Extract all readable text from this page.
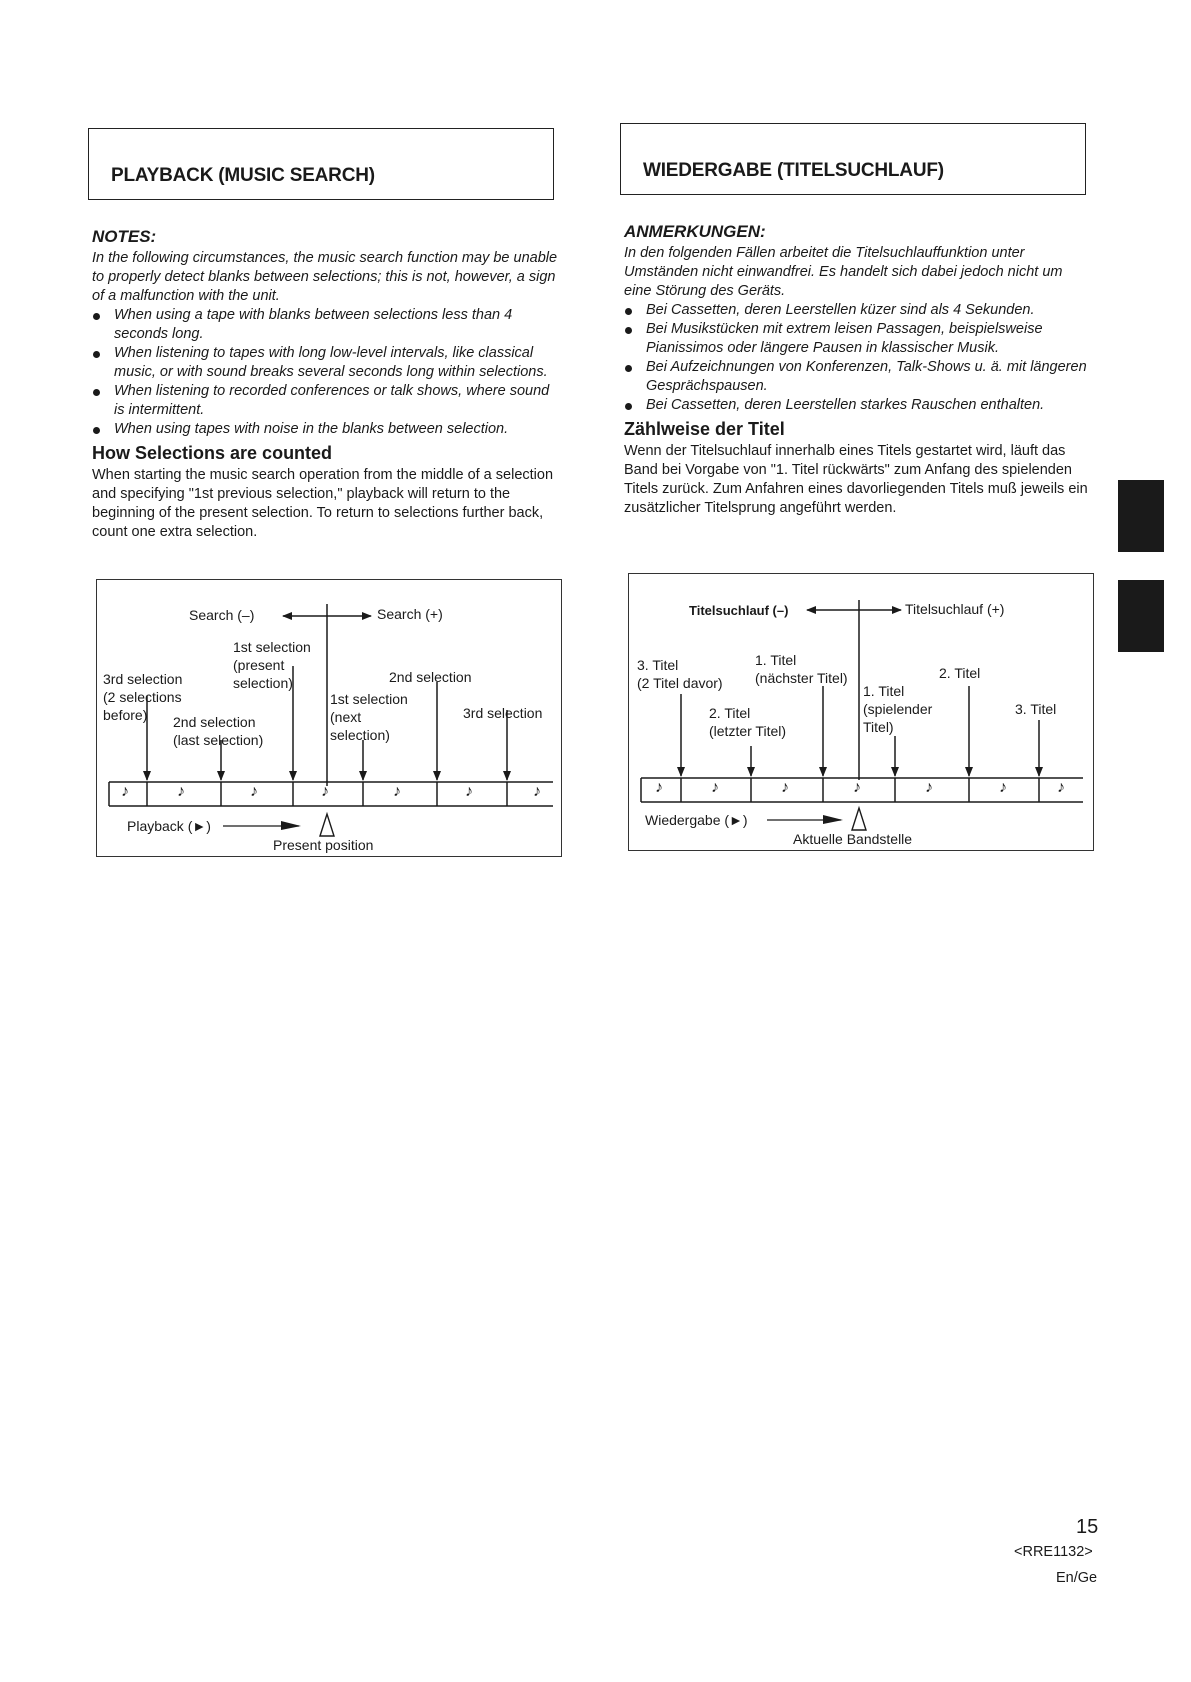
PLAYBACK (MUSIC SEARCH)	WIEDERGABE (TITELSUCHLAUF)
NOTES:

In the following circumstances, the music search function may be unable to properly detect blanks between selections; this is not, however, a sign of a malfunction with the unit.

When using a tape with blanks between selections less than 4 seconds long.
When listening to tapes with long low-level intervals, like classical music, or with sound breaks several seconds long within selections.
When listening to recorded conferences or talk shows, where sound is intermittent.
When using tapes with noise in the blanks between selection.
How Selections are counted

When starting the music search operation from the middle of a selection and specifying "1st previous selection," playback will return to the beginning of the present selection. To return to selections further back, count one extra selection.

ANMERKUNGEN:

In den folgenden Fällen arbeitet die Titelsuchlauffunktion unter Umständen nicht einwandfrei. Es handelt sich dabei jedoch nicht um eine Störung des Geräts.

Bei Cassetten, deren Leerstellen küzer sind als 4 Sekunden.
Bei Musikstücken mit extrem leisen Passagen, beispielsweise Pianissimos oder längere Pausen in klassischer Musik.
Bei Aufzeichnungen von Konferenzen, Talk-Shows u. ä. mit längeren Gesprächspausen.
Bei Cassetten, deren Leerstellen starkes Rauschen enthalten.
Zählweise der Titel

Wenn der Titelsuchlauf innerhalb eines Titels gestartet wird, läuft das Band bei Vorgabe von "1. Titel rückwärts" zum Anfang des spielenden Titels zurück. Zum Anfahren eines davorliegenden Titels muß jeweils ein zusätzlicher Titelsprung angeführt werden.

Search (–)	Search (+)
1st selection
(present
selection)
3rd selection
(2 selections
before)	2nd selection
(last selection)
1st selection
(next
selection)
2nd selection
3rd selection
♪	♪	♪	♪	♪	♪	♪
Playback (►)
Present position
Titelsuchlauf (–)	Titelsuchlauf (+)
3. Titel
(2 Titel davor)
1. Titel
(nächster Titel)	2. Titel
1. Titel
(spielender
Titel)
2. Titel
(letzter Titel)
3. Titel
♪	♪	♪	♪	♪	♪	♪
Wiedergabe (►)
Aktuelle Bandstelle
15
<RRE1132>
En/Ge
